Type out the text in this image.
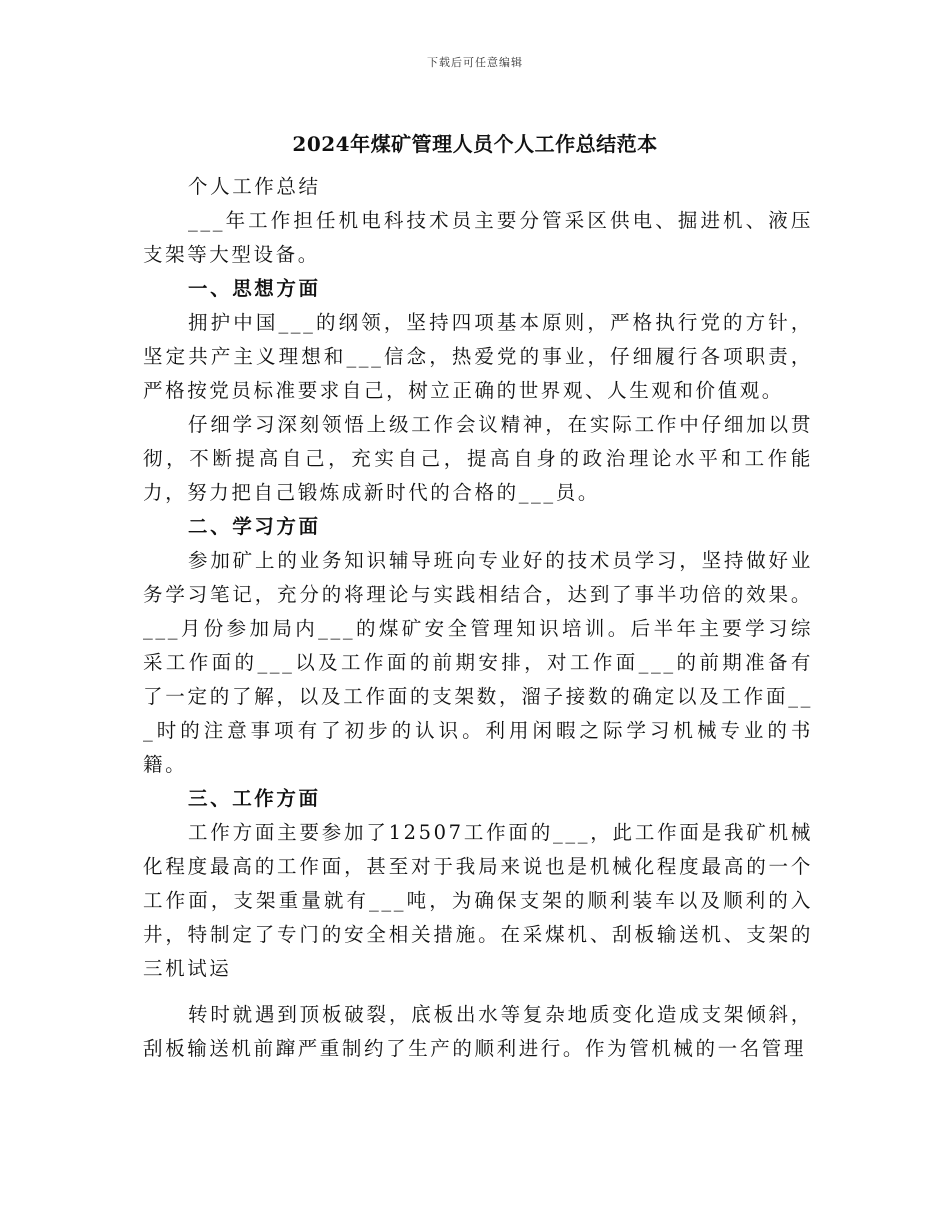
下载后可任意编辑
2024年煤矿管理人员个人工作总结范本

个人工作总结

___年工作担任机电科技术员主要分管采区供电、掘进机、液压支架等大型设备。

一、思想方面

拥护中国___的纲领，坚持四项基本原则，严格执行党的方针，坚定共产主义理想和___信念，热爱党的事业，仔细履行各项职责，严格按党员标准要求自己，树立正确的世界观、人生观和价值观。

仔细学习深刻领悟上级工作会议精神，在实际工作中仔细加以贯彻，不断提高自己，充实自己，提高自身的政治理论水平和工作能力，努力把自己锻炼成新时代的合格的___员。

二、学习方面

参加矿上的业务知识辅导班向专业好的技术员学习，坚持做好业务学习笔记，充分的将理论与实践相结合，达到了事半功倍的效果。___月份参加局内___的煤矿安全管理知识培训。后半年主要学习综采工作面的___以及工作面的前期安排，对工作面___的前期准备有了一定的了解，以及工作面的支架数，溜子接数的确定以及工作面___时的注意事项有了初步的认识。利用闲暇之际学习机械专业的书籍。

三、工作方面

工作方面主要参加了12507工作面的___，此工作面是我矿机械化程度最高的工作面，甚至对于我局来说也是机械化程度最高的一个工作面，支架重量就有___吨，为确保支架的顺利装车以及顺利的入井，特制定了专门的安全相关措施。在采煤机、刮板输送机、支架的三机试运

转时就遇到顶板破裂，底板出水等复杂地质变化造成支架倾斜，刮板输送机前蹿严重制约了生产的顺利进行。作为管机械的一名管理
